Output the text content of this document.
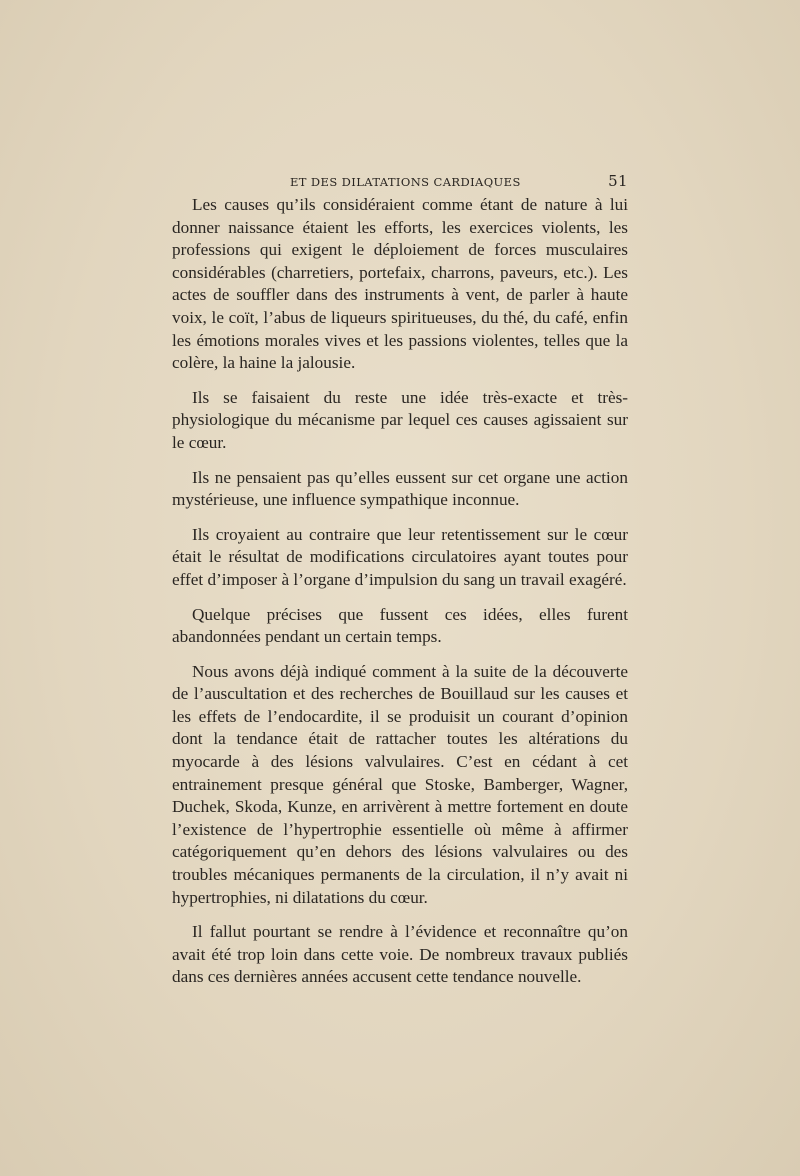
ET DES DILATATIONS CARDIAQUES	51

Les causes qu’ils considéraient comme étant de nature à lui donner naissance étaient les efforts, les exercices violents, les professions qui exigent le déploiement de forces musculaires considérables (charretiers, portefaix, charrons, paveurs, etc.). Les actes de souffler dans des instruments à vent, de parler à haute voix, le coït, l’abus de liqueurs spiritueuses, du thé, du café, enfin les émotions morales vives et les passions violentes, telles que la colère, la haine la jalousie.

Ils se faisaient du reste une idée très-exacte et très-physiologique du mécanisme par lequel ces causes agissaient sur le cœur.

Ils ne pensaient pas qu’elles eussent sur cet organe une action mystérieuse, une influence sympathique inconnue.

Ils croyaient au contraire que leur retentissement sur le cœur était le résultat de modifications circulatoires ayant toutes pour effet d’imposer à l’organe d’impulsion du sang un travail exagéré.

Quelque précises que fussent ces idées, elles furent abandonnées pendant un certain temps.

Nous avons déjà indiqué comment à la suite de la découverte de l’auscultation et des recherches de Bouillaud sur les causes et les effets de l’endocardite, il se produisit un courant d’opinion dont la tendance était de rattacher toutes les altérations du myocarde à des lésions valvulaires. C’est en cédant à cet entrainement presque général que Stoske, Bamberger, Wagner, Duchek, Skoda, Kunze, en arrivèrent à mettre fortement en doute l’existence de l’hypertrophie essentielle où même à affirmer catégoriquement qu’en dehors des lésions valvulaires ou des troubles mécaniques permanents de la circulation, il n’y avait ni hypertrophies, ni dilatations du cœur.

Il fallut pourtant se rendre à l’évidence et reconnaître qu’on avait été trop loin dans cette voie. De nombreux travaux publiés dans ces dernières années accusent cette tendance nouvelle.
